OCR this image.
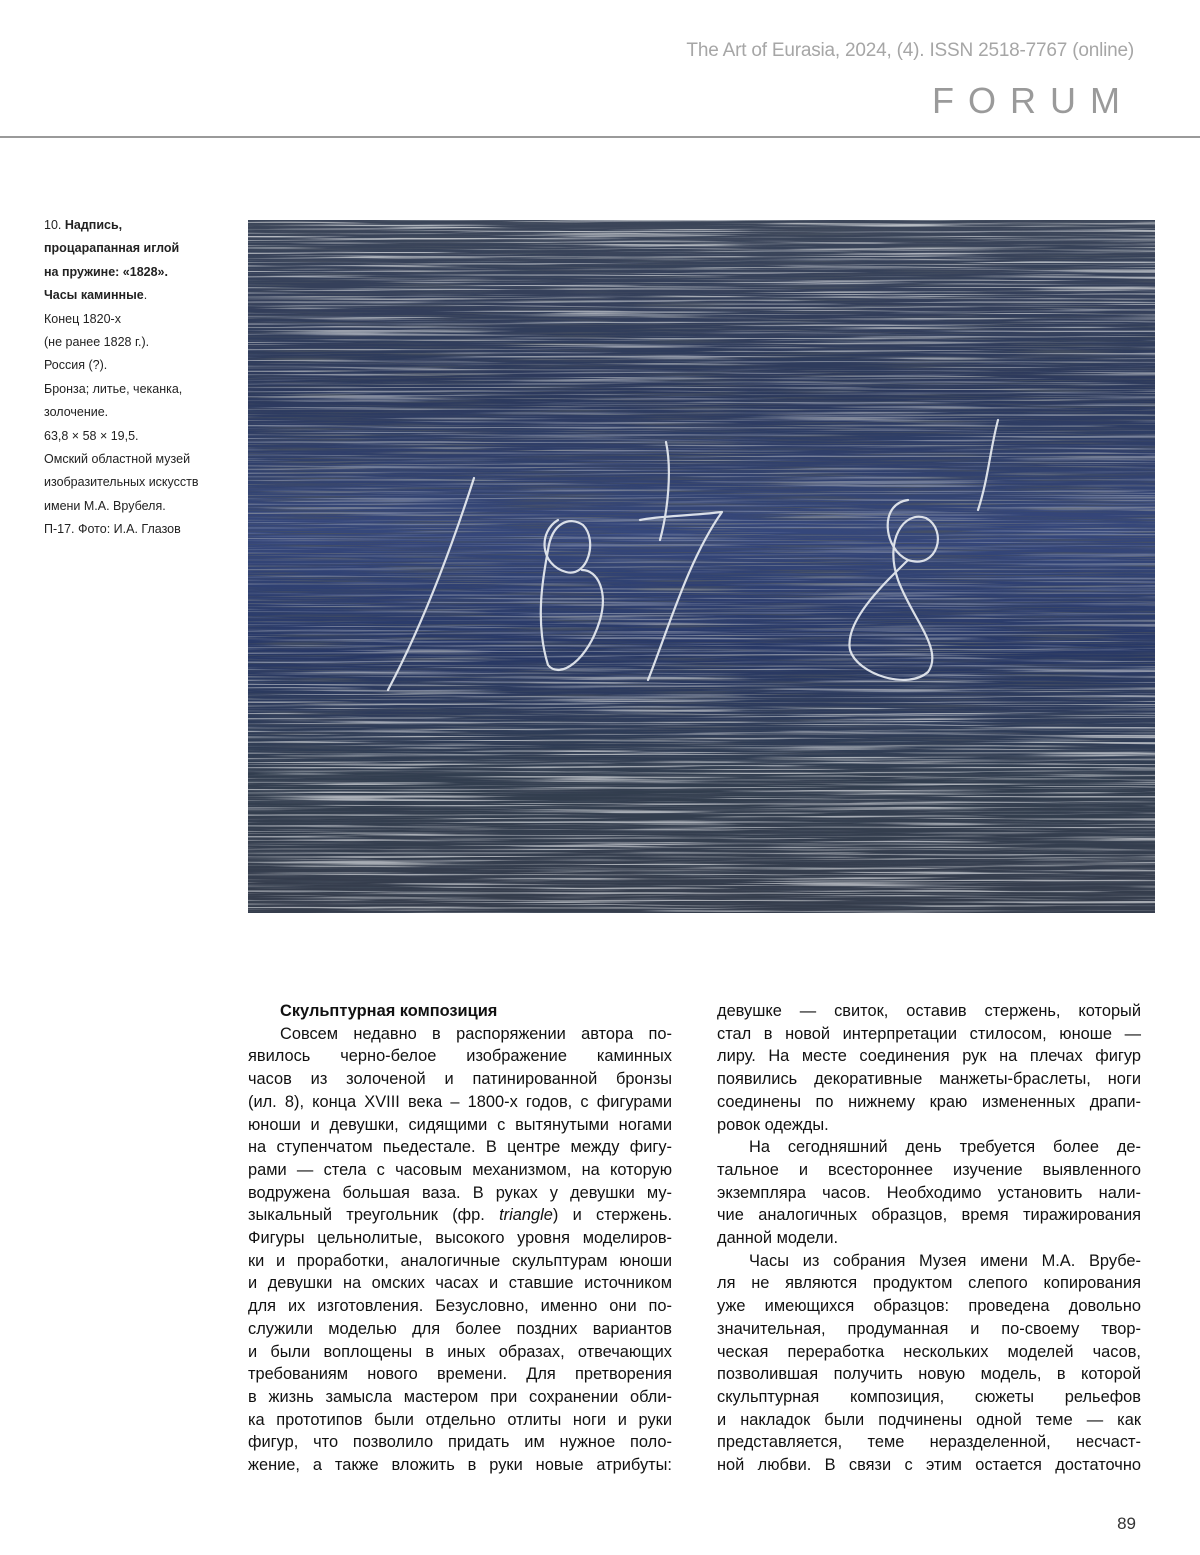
The Art of Eurasia, 2024, (4). ISSN 2518-7767 (online)
FORUM
10. Надпись,
процарапанная иглой
на пружине: «1828».
Часы каминные.
Конец 1820-х
(не ранее 1828 г.).
Россия (?).
Бронза; литье, чеканка,
золочение.
63,8 × 58 × 19,5.
Омский областной музей
изобразительных искусств
имени М.А. Врубеля.
П-17. Фото: И.А. Глазов
Скульптурная композиция
Совсем недавно в распоряжении автора по-
явилось черно-белое изображение каминных
часов из золоченой и патинированной бронзы
(ил. 8), конца XVIII века – 1800-х годов, с фигурами
юноши и девушки, сидящими с вытянутыми ногами
на ступенчатом пьедестале. В центре между фигу-
рами — стела с часовым механизмом, на которую
водружена большая ваза. В руках у девушки му-
зыкальный треугольник (фр. triangle) и стержень.
Фигуры цельнолитые, высокого уровня моделиров-
ки и проработки, аналогичные скульптурам юноши
и девушки на омских часах и ставшие источником
для их изготовления. Безусловно, именно они по-
служили моделью для более поздних вариантов
и были воплощены в иных образах, отвечающих
требованиям нового времени. Для претворения
в жизнь замысла мастером при сохранении обли-
ка прототипов были отдельно отлиты ноги и руки
фигур, что позволило придать им нужное поло-
жение, а также вложить в руки новые атрибуты:
девушке — свиток, оставив стержень, который
стал в новой интерпретации стилосом, юноше —
лиру. На месте соединения рук на плечах фигур
появились декоративные манжеты-браслеты, ноги
соединены по нижнему краю измененных драпи-
ровок одежды.
На сегодняшний день требуется более де-
тальное и всестороннее изучение выявленного
экземпляра часов. Необходимо установить нали-
чие аналогичных образцов, время тиражирования
данной модели.
Часы из собрания Музея имени М.А. Врубе-
ля не являются продуктом слепого копирования
уже имеющихся образцов: проведена довольно
значительная, продуманная и по-своему твор-
ческая переработка нескольких моделей часов,
позволившая получить новую модель, в которой
скульптурная композиция, сюжеты рельефов
и накладок были подчинены одной теме — как
представляется, теме неразделенной, несчаст-
ной любви. В связи с этим остается достаточно
89
